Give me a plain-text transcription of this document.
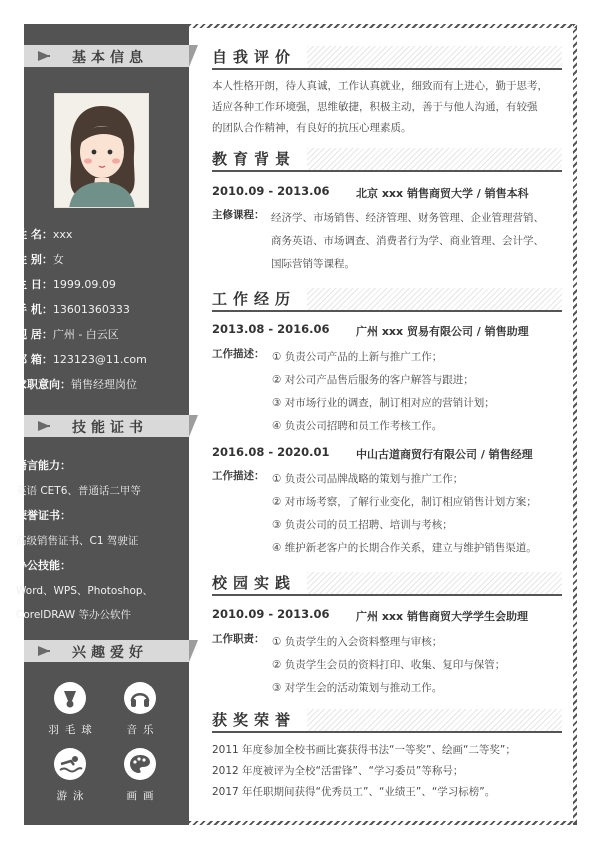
基本信息
姓 名：xxx
性 别：女
生 日：1999.09.09
手 机：13601360333
现 居：广州 - 白云区
邮 箱：123123@11.com
求职意向：销售经理岗位
技能证书
语言能力：
英语 CET6、普通话二甲等
荣誉证书：
高级销售证书、C1 驾驶证
办公技能：
Word、WPS、Photoshop、
CorelDRAW 等办公软件
兴趣爱好
羽毛球	音乐
游泳	画画
自我评价
本人性格开朗，待人真诚，工作认真就业，细致而有上进心，勤于思考，
适应各种工作环境强，思维敏捷，积极主动，善于与他人沟通，有较强
的团队合作精神，有良好的抗压心理素质。
教育背景
2010.09 - 2013.06 北京 xxx 销售商贸大学 / 销售本科
主修课程： 经济学、市场销售、经济管理、财务管理、企业管理营销、
商务英语、市场调查、消费者行为学、商业管理、会计学、
国际营销等课程。
工作经历
2013.08 - 2016.06 广州 xxx 贸易有限公司 / 销售助理
工作描述： ① 负责公司产品的上新与推广工作；
② 对公司产品售后服务的客户解答与跟进；
③ 对市场行业的调查，制订相对应的营销计划；
④ 负责公司招聘和员工作考核工作。
2016.08 - 2020.01 中山古道商贸行有限公司 / 销售经理
工作描述： ① 负责公司品牌战略的策划与推广工作；
② 对市场考察，了解行业变化，制订相应销售计划方案；
③ 负责公司的员工招聘、培训与考核；
④ 维护新老客户的长期合作关系，建立与维护销售渠道。
校园实践
2010.09 - 2013.06 广州 xxx 销售商贸大学学生会助理
工作职责： ① 负责学生的入会资料整理与审核；
② 负责学生会员的资料打印、收集、复印与保管；
③ 对学生会的活动策划与推动工作。
获奖荣誉
2011 年度参加全校书画比赛获得书法“一等奖”、绘画“二等奖”；
2012 年度被评为全校“活雷锋”、“学习委员”等称号；
2017 年任职期间获得“优秀员工”、“业绩王”、“学习标榜”。
